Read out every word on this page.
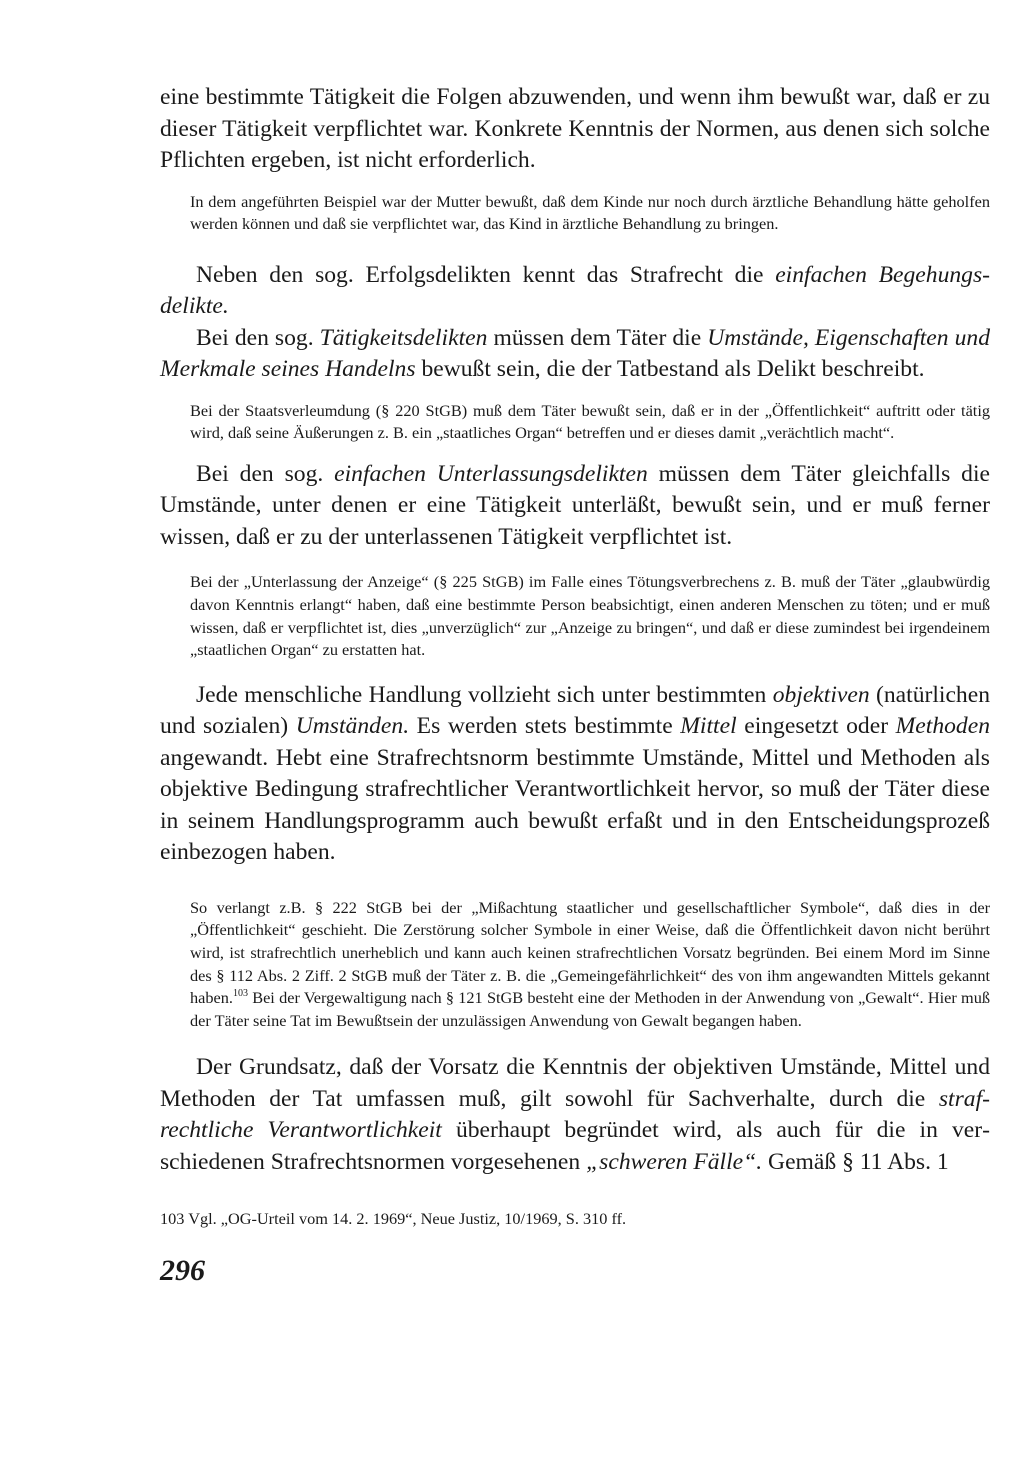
eine bestimmte Tätigkeit die Folgen abzuwenden, und wenn ihm bewußt war, daß er zu dieser Tätigkeit verpflichtet war. Konkrete Kenntnis der Normen, aus denen sich solche Pflichten ergeben, ist nicht erforderlich.

In dem angeführten Beispiel war der Mutter bewußt, daß dem Kinde nur noch durch ärztliche Behandlung hätte geholfen werden können und daß sie verpflichtet war, das Kind in ärztliche Behandlung zu bringen.

Neben den sog. Erfolgsdelikten kennt das Strafrecht die einfachen Begehungsdelikte.

Bei den sog. Tätigkeitsdelikten müssen dem Täter die Umstände, Eigenschaften und Merkmale seines Handelns bewußt sein, die der Tatbestand als Delikt beschreibt.

Bei der Staatsverleumdung (§ 220 StGB) muß dem Täter bewußt sein, daß er in der „Öffentlichkeit“ auftritt oder tätig wird, daß seine Äußerungen z. B. ein „staatliches Organ“ betreffen und er dieses damit „verächtlich macht“.

Bei den sog. einfachen Unterlassungsdelikten müssen dem Täter gleichfalls die Umstände, unter denen er eine Tätigkeit unterläßt, bewußt sein, und er muß ferner wissen, daß er zu der unterlassenen Tätigkeit verpflichtet ist.

Bei der „Unterlassung der Anzeige“ (§ 225 StGB) im Falle eines Tötungsverbrechens z. B. muß der Täter „glaubwürdig davon Kenntnis erlangt“ haben, daß eine bestimmte Person beabsichtigt, einen anderen Menschen zu töten; und er muß wissen, daß er verpflichtet ist, dies „unverzüglich“ zur „Anzeige zu bringen“, und daß er diese zumindest bei irgendeinem „staatlichen Organ“ zu erstatten hat.

Jede menschliche Handlung vollzieht sich unter bestimmten objektiven (natürlichen und sozialen) Umständen. Es werden stets bestimmte Mittel eingesetzt oder Methoden angewandt. Hebt eine Strafrechtsnorm bestimmte Umstände, Mittel und Methoden als objektive Bedingung strafrechtlicher Verantwortlichkeit hervor, so muß der Täter diese in seinem Handlungsprogramm auch bewußt erfaßt und in den Entscheidungsprozeß einbezogen haben.

So verlangt z.B. § 222 StGB bei der „Mißachtung staatlicher und gesellschaftlicher Symbole“, daß dies in der „Öffentlichkeit“ geschieht. Die Zerstörung solcher Symbole in einer Weise, daß die Öffentlichkeit davon nicht berührt wird, ist strafrechtlich unerheblich und kann auch keinen strafrechtlichen Vorsatz begründen. Bei einem Mord im Sinne des § 112 Abs. 2 Ziff. 2 StGB muß der Täter z. B. die „Gemeingefährlichkeit“ des von ihm angewandten Mittels gekannt haben.$^{103}$ Bei der Vergewaltigung nach § 121 StGB besteht eine der Methoden in der Anwendung von „Gewalt“. Hier muß der Täter seine Tat im Bewußtsein der unzulässigen Anwendung von Gewalt begangen haben.

Der Grundsatz, daß der Vorsatz die Kenntnis der objektiven Umstände, Mittel und Methoden der Tat umfassen muß, gilt sowohl für Sachverhalte, durch die strafrechtliche Verantwortlichkeit überhaupt begründet wird, als auch für die in verschiedenen Strafrechtsnormen vorgesehenen „schweren Fälle“. Gemäß § 11 Abs. 1

103 Vgl. „OG-Urteil vom 14. 2. 1969“, Neue Justiz, 10/1969, S. 310 ff.

296
